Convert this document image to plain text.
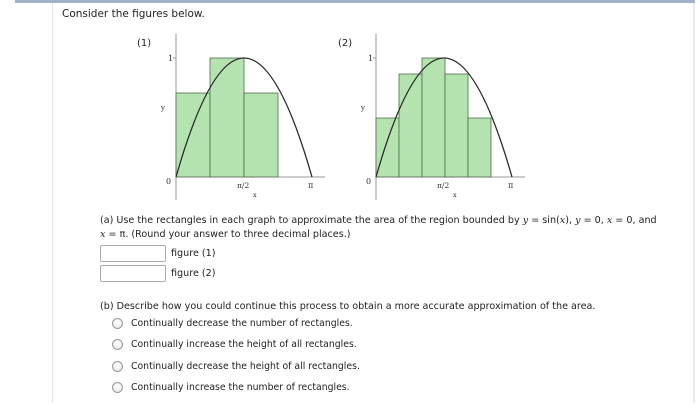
Consider the figures below.
(1)
1
y
0	π/2	π
x
(2)
1
y
0	π/2	π
x
(a) Use the rectangles in each graph to approximate the area of the region bounded by y = sin(x), y = 0, x = 0, and
x = π. (Round your answer to three decimal places.)
figure (1)
figure (2)
(b) Describe how you could continue this process to obtain a more accurate approximation of the area.
Continually decrease the number of rectangles.
Continually increase the height of all rectangles.
Continually decrease the height of all rectangles.
Continually increase the number of rectangles.
